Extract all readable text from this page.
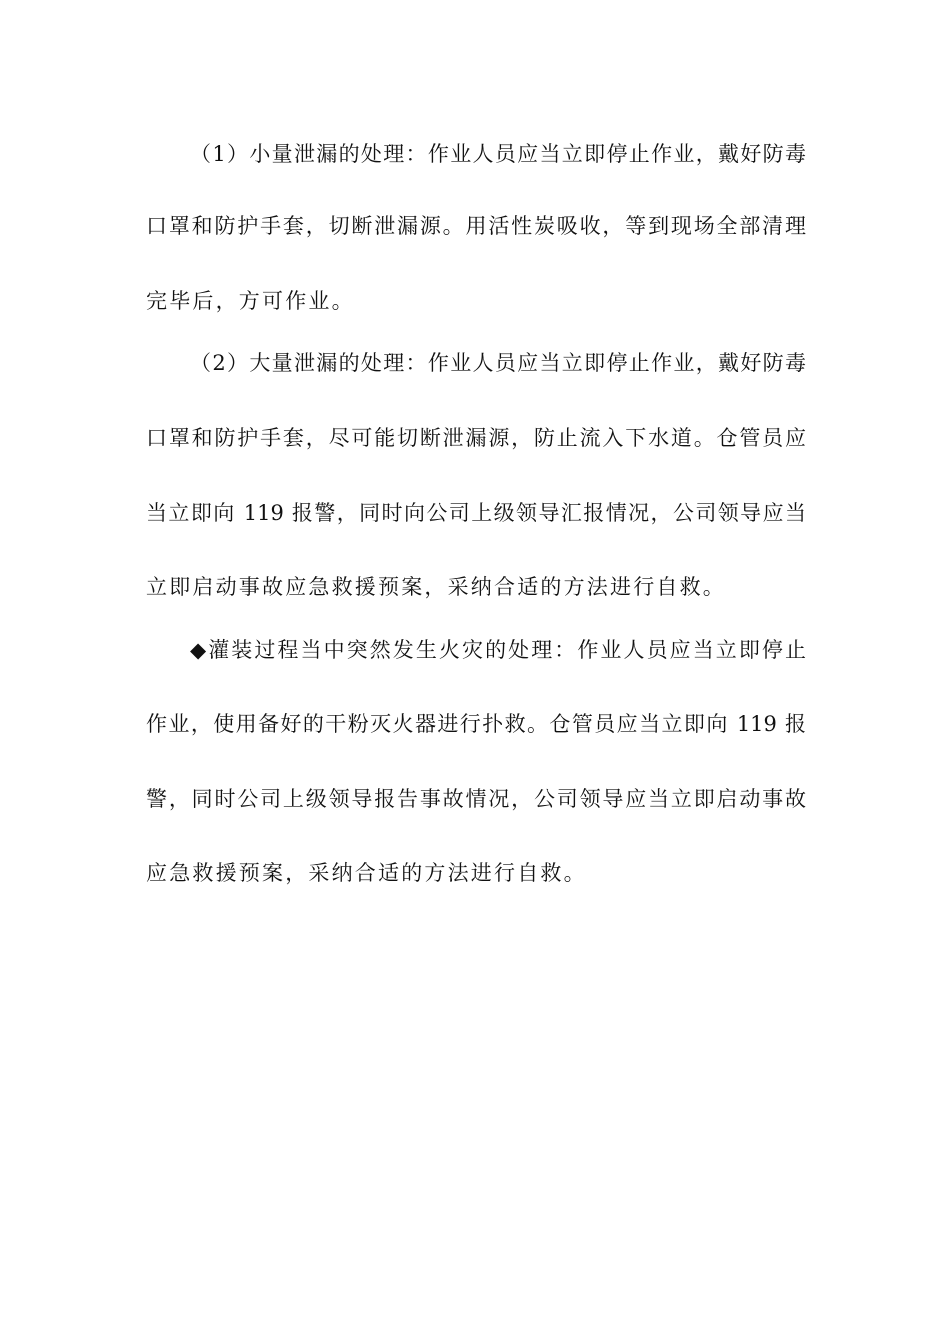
（1）小量泄漏的处理：作业人员应当立即停止作业，戴好防毒
口罩和防护手套，切断泄漏源。用活性炭吸收，等到现场全部清理
完毕后，方可作业。
（2）大量泄漏的处理：作业人员应当立即停止作业，戴好防毒
口罩和防护手套，尽可能切断泄漏源，防止流入下水道。仓管员应
当立即向 119 报警，同时向公司上级领导汇报情况，公司领导应当
立即启动事故应急救援预案，采纳合适的方法进行自救。
◆灌装过程当中突然发生火灾的处理：作业人员应当立即停止
作业，使用备好的干粉灭火器进行扑救。仓管员应当立即向 119 报
警，同时公司上级领导报告事故情况，公司领导应当立即启动事故
应急救援预案，采纳合适的方法进行自救。
